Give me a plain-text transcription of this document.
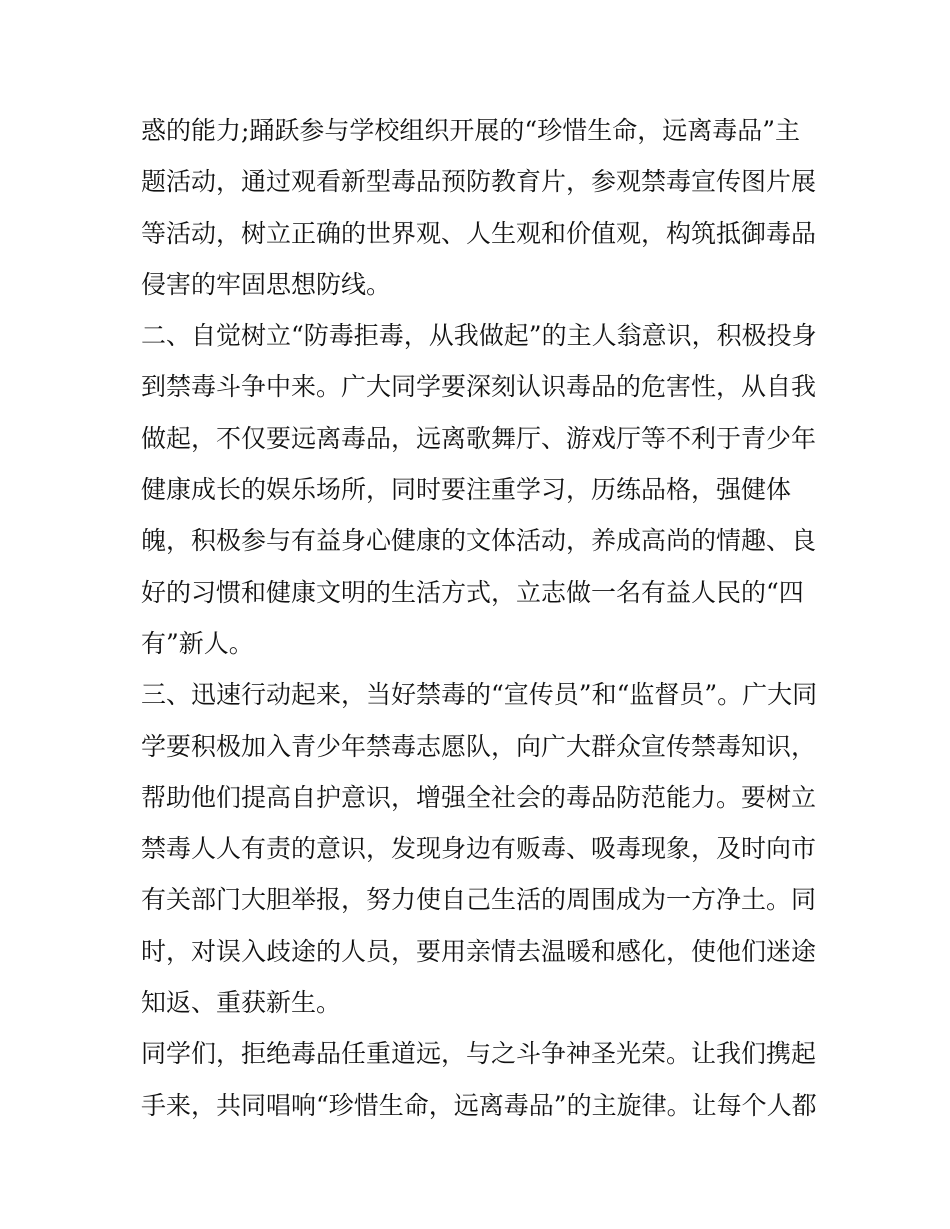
惑的能力;踊跃参与学校组织开展的“珍惜生命，远离毒品”主
题活动，通过观看新型毒品预防教育片，参观禁毒宣传图片展
等活动，树立正确的世界观、人生观和价值观，构筑抵御毒品
侵害的牢固思想防线。
二、自觉树立“防毒拒毒，从我做起”的主人翁意识，积极投身
到禁毒斗争中来。广大同学要深刻认识毒品的危害性，从自我
做起，不仅要远离毒品，远离歌舞厅、游戏厅等不利于青少年
健康成长的娱乐场所，同时要注重学习，历练品格，强健体
魄，积极参与有益身心健康的文体活动，养成高尚的情趣、良
好的习惯和健康文明的生活方式，立志做一名有益人民的“四
有”新人。
三、迅速行动起来，当好禁毒的“宣传员”和“监督员”。广大同
学要积极加入青少年禁毒志愿队，向广大群众宣传禁毒知识，
帮助他们提高自护意识，增强全社会的毒品防范能力。要树立
禁毒人人有责的意识，发现身边有贩毒、吸毒现象，及时向市
有关部门大胆举报，努力使自己生活的周围成为一方净土。同
时，对误入歧途的人员，要用亲情去温暖和感化，使他们迷途
知返、重获新生。
同学们，拒绝毒品任重道远，与之斗争神圣光荣。让我们携起
手来，共同唱响“珍惜生命，远离毒品”的主旋律。让每个人都
